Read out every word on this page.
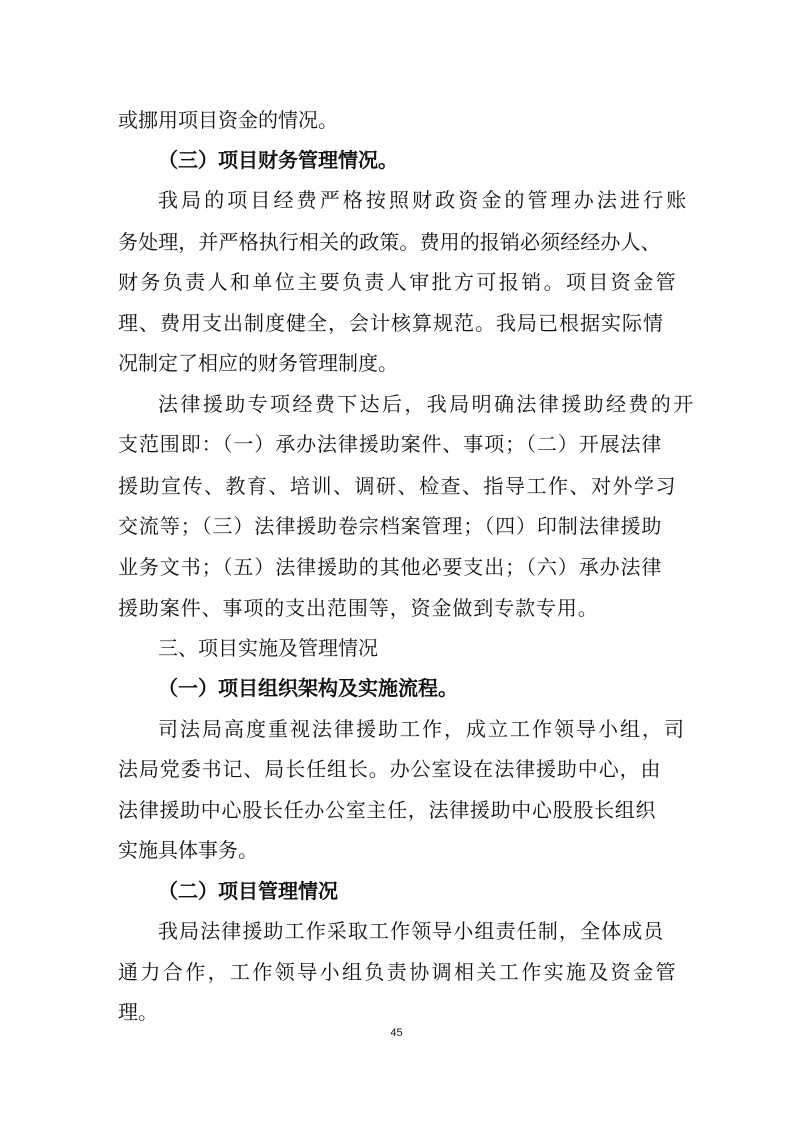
或挪用项目资金的情况。

（三）项目财务管理情况。

我局的项目经费严格按照财政资金的管理办法进行账

务处理，并严格执行相关的政策。费用的报销必须经经办人、

财务负责人和单位主要负责人审批方可报销。项目资金管

理、费用支出制度健全，会计核算规范。我局已根据实际情

况制定了相应的财务管理制度。

法律援助专项经费下达后，我局明确法律援助经费的开

支范围即：（一）承办法律援助案件、事项；（二）开展法律

援助宣传、教育、培训、调研、检查、指导工作、对外学习

交流等；（三）法律援助卷宗档案管理；（四）印制法律援助

业务文书；（五）法律援助的其他必要支出；（六）承办法律

援助案件、事项的支出范围等，资金做到专款专用。

三、项目实施及管理情况

（一）项目组织架构及实施流程。

司法局高度重视法律援助工作，成立工作领导小组，司

法局党委书记、局长任组长。办公室设在法律援助中心，由

法律援助中心股长任办公室主任，法律援助中心股股长组织

实施具体事务。

（二）项目管理情况

我局法律援助工作采取工作领导小组责任制，全体成员

通力合作，工作领导小组负责协调相关工作实施及资金管

理。

45
